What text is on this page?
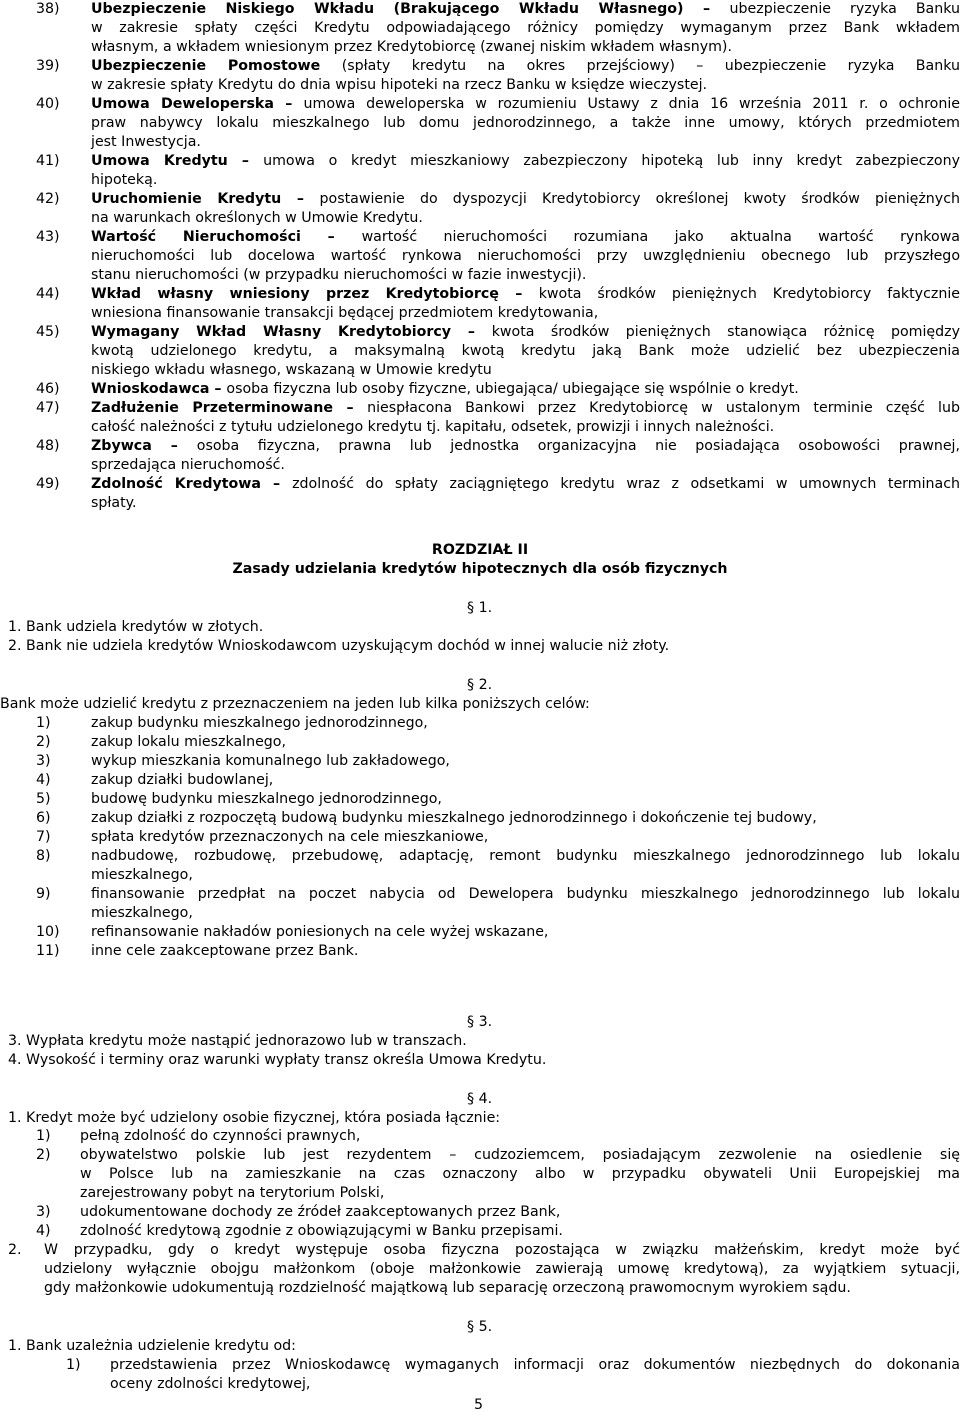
38) Ubezpieczenie Niskiego Wkładu (Brakującego Wkładu Własnego) – ubezpieczenie ryzyka Banku
w zakresie spłaty części Kredytu odpowiadającego różnicy pomiędzy wymaganym przez Bank wkładem
własnym, a wkładem wniesionym przez Kredytobiorcę (zwanej niskim wkładem własnym).
39) Ubezpieczenie Pomostowe (spłaty kredytu na okres przejściowy) – ubezpieczenie ryzyka Banku
w zakresie spłaty Kredytu do dnia wpisu hipoteki na rzecz Banku w księdze wieczystej.
40) Umowa Deweloperska – umowa deweloperska w rozumieniu Ustawy z dnia 16 września 2011 r. o ochronie
praw nabywcy lokalu mieszkalnego lub domu jednorodzinnego, a także inne umowy, których przedmiotem
jest Inwestycja.
41) Umowa Kredytu – umowa o kredyt mieszkaniowy zabezpieczony hipoteką lub inny kredyt zabezpieczony
hipoteką.
42) Uruchomienie Kredytu – postawienie do dyspozycji Kredytobiorcy określonej kwoty środków pieniężnych
na warunkach określonych w Umowie Kredytu.
43) Wartość Nieruchomości – wartość nieruchomości rozumiana jako aktualna wartość rynkowa
nieruchomości lub docelowa wartość rynkowa nieruchomości przy uwzględnieniu obecnego lub przyszłego
stanu nieruchomości (w przypadku nieruchomości w fazie inwestycji).
44) Wkład własny wniesiony przez Kredytobiorcę – kwota środków pieniężnych Kredytobiorcy faktycznie
wniesiona finansowanie transakcji będącej przedmiotem kredytowania,
45) Wymagany Wkład Własny Kredytobiorcy – kwota środków pieniężnych stanowiąca różnicę pomiędzy
kwotą udzielonego kredytu, a maksymalną kwotą kredytu jaką Bank może udzielić bez ubezpieczenia
niskiego wkładu własnego, wskazaną w Umowie kredytu
46) Wnioskodawca – osoba fizyczna lub osoby fizyczne, ubiegająca/ ubiegające się wspólnie o kredyt.
47) Zadłużenie Przeterminowane – niespłacona Bankowi przez Kredytobiorcę w ustalonym terminie część lub
całość należności z tytułu udzielonego kredytu tj. kapitału, odsetek, prowizji i innych należności.
48) Zbywca – osoba fizyczna, prawna lub jednostka organizacyjna nie posiadająca osobowości prawnej,
sprzedająca nieruchomość.
49) Zdolność Kredytowa – zdolność do spłaty zaciągniętego kredytu wraz z odsetkami w umownych terminach
spłaty.
ROZDZIAŁ II
Zasady udzielania kredytów hipotecznych dla osób fizycznych
§ 1.
1. Bank udziela kredytów w złotych.
2. Bank nie udziela kredytów Wnioskodawcom uzyskującym dochód w innej walucie niż złoty.
§ 2.
Bank może udzielić kredytu z przeznaczeniem na jeden lub kilka poniższych celów:
1)	zakup budynku mieszkalnego jednorodzinnego,
2)	zakup lokalu mieszkalnego,
3)	wykup mieszkania komunalnego lub zakładowego,
4)	zakup działki budowlanej,
5)	budowę budynku mieszkalnego jednorodzinnego,
6)	zakup działki z rozpoczętą budową budynku mieszkalnego jednorodzinnego i dokończenie tej budowy,
7)	spłata kredytów przeznaczonych na cele mieszkaniowe,
8)	nadbudowę, rozbudowę, przebudowę, adaptację, remont budynku mieszkalnego jednorodzinnego lub lokalu
mieszkalnego,
9)	finansowanie przedpłat na poczet nabycia od Dewelopera budynku mieszkalnego jednorodzinnego lub lokalu
mieszkalnego,
10) refinansowanie nakładów poniesionych na cele wyżej wskazane,
11) inne cele zaakceptowane przez Bank.
§ 3.
3. Wypłata kredytu może nastąpić jednorazowo lub w transzach.
4. Wysokość i terminy oraz warunki wypłaty transz określa Umowa Kredytu.
§ 4.
1. Kredyt może być udzielony osobie fizycznej, która posiada łącznie:
1) pełną zdolność do czynności prawnych,
2) obywatelstwo polskie lub jest rezydentem – cudzoziemcem, posiadającym zezwolenie na osiedlenie się
w Polsce lub na zamieszkanie na czas oznaczony albo w przypadku obywateli Unii Europejskiej ma
zarejestrowany pobyt na terytorium Polski,
3) udokumentowane dochody ze źródeł zaakceptowanych przez Bank,
4) zdolność kredytową zgodnie z obowiązującymi w Banku przepisami.
2. W przypadku, gdy o kredyt występuje osoba fizyczna pozostająca w związku małżeńskim, kredyt może być
udzielony wyłącznie obojgu małżonkom (oboje małżonkowie zawierają umowę kredytową), za wyjątkiem sytuacji,
gdy małżonkowie udokumentują rozdzielność majątkową lub separację orzeczoną prawomocnym wyrokiem sądu.
§ 5.
1. Bank uzależnia udzielenie kredytu od:
1) przedstawienia przez Wnioskodawcę wymaganych informacji oraz dokumentów niezbędnych do dokonania
oceny zdolności kredytowej,
5
